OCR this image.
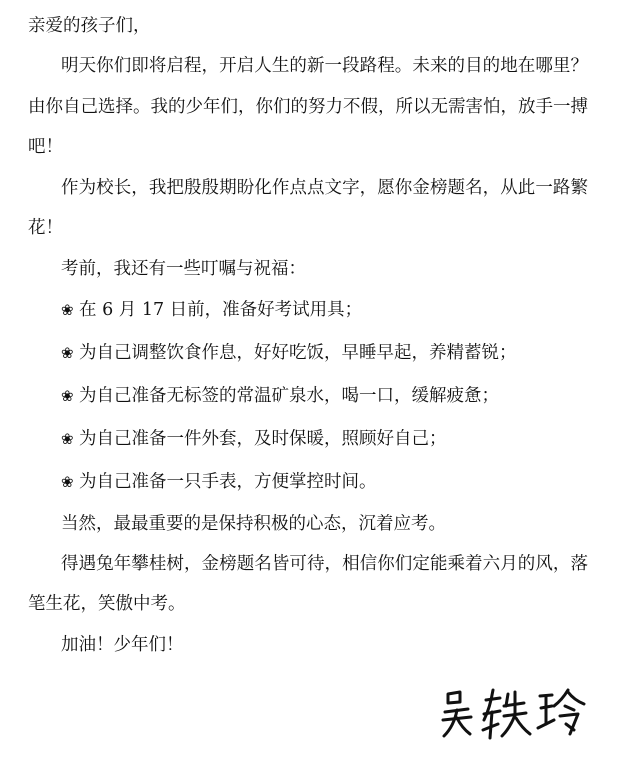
亲爱的孩子们，

明天你们即将启程，开启人生的新一段路程。未来的目的地在哪里？由你自己选择。我的少年们，你们的努力不假，所以无需害怕，放手一搏吧！

作为校长，我把殷殷期盼化作点点文字，愿你金榜题名，从此一路繁花！

考前，我还有一些叮嘱与祝福：

❀ 在 6 月 17 日前，准备好考试用具；

❀ 为自己调整饮食作息，好好吃饭，早睡早起，养精蓄锐；

❀ 为自己准备无标签的常温矿泉水，喝一口，缓解疲惫；

❀ 为自己准备一件外套，及时保暖，照顾好自己；

❀ 为自己准备一只手表，方便掌控时间。

当然，最最重要的是保持积极的心态，沉着应考。

得遇兔年攀桂树，金榜题名皆可待，相信你们定能乘着六月的风，落笔生花，笑傲中考。

加油！少年们！
